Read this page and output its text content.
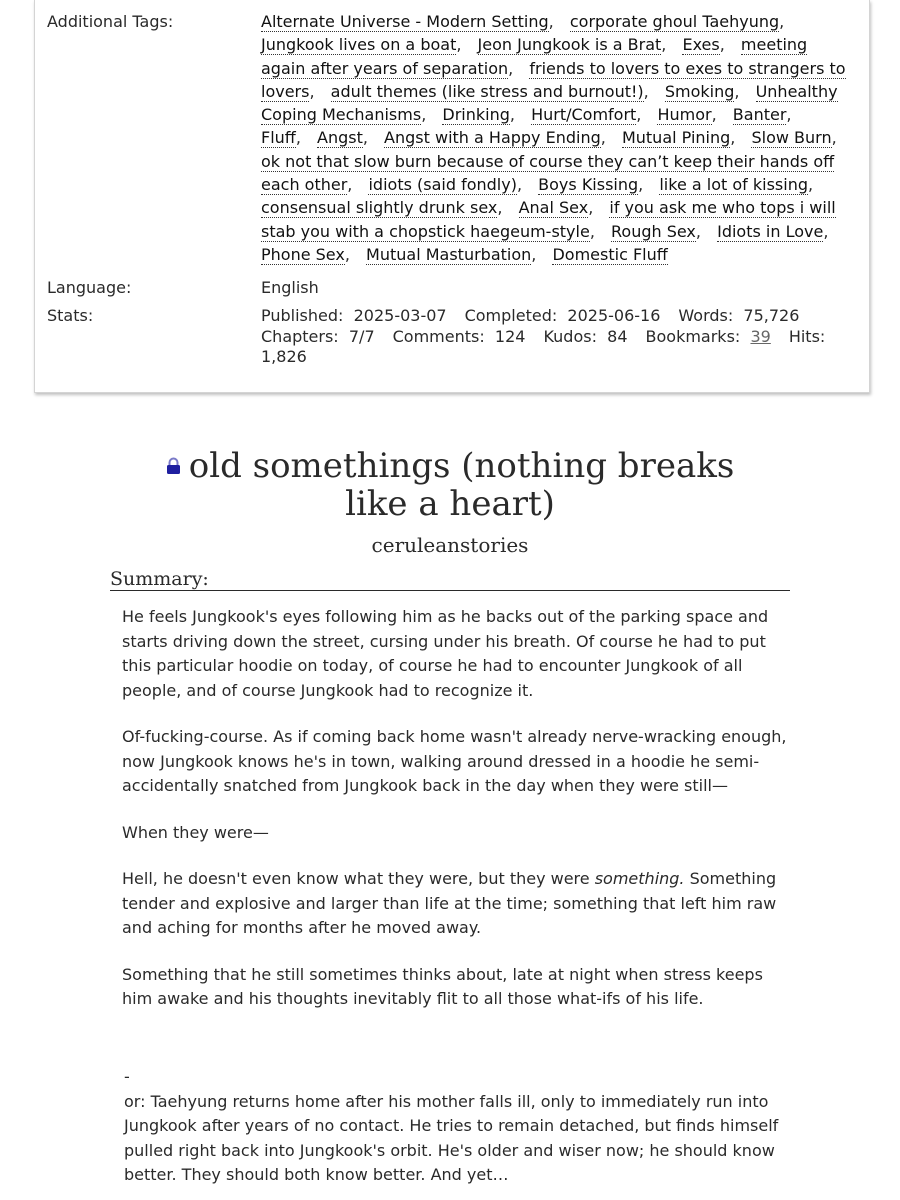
Additional Tags:	Alternate Universe - Modern Setting, corporate ghoul Taehyung, Jungkook lives on a boat, Jeon Jungkook is a Brat, Exes, meeting again after years of separation, friends to lovers to exes to strangers to lovers, adult themes (like stress and burnout!), Smoking, Unhealthy Coping Mechanisms, Drinking, Hurt/Comfort, Humor, Banter, Fluff, Angst, Angst with a Happy Ending, Mutual Pining, Slow Burn, ok not that slow burn because of course they can’t keep their hands off each other, idiots (said fondly), Boys Kissing, like a lot of kissing, consensual slightly drunk sex, Anal Sex, if you ask me who tops i will stab you with a chopstick haegeum-style, Rough Sex, Idiots in Love, Phone Sex, Mutual Masturbation, Domestic Fluff
Language:	English
Stats:	Published: 2025-03-07 Completed: 2025-06-16 Words: 75,726
Chapters: 7/7 Comments: 124 Kudos: 84 Bookmarks: 39 Hits:
1,826
old somethings (nothing breaks like a heart)
ceruleanstories
Summary:

He feels Jungkook's eyes following him as he backs out of the parking space and starts driving down the street, cursing under his breath. Of course he had to put this particular hoodie on today, of course he had to encounter Jungkook of all people, and of course Jungkook had to recognize it.

Of-fucking-course. As if coming back home wasn't already nerve-wracking enough, now Jungkook knows he's in town, walking around dressed in a hoodie he semi-accidentally snatched from Jungkook back in the day when they were still—

When they were—

Hell, he doesn't even know what they were, but they were something. Something tender and explosive and larger than life at the time; something that left him raw and aching for months after he moved away.

Something that he still sometimes thinks about, late at night when stress keeps him awake and his thoughts inevitably flit to all those what-ifs of his life.

-

or: Taehyung returns home after his mother falls ill, only to immediately run into Jungkook after years of no contact. He tries to remain detached, but finds himself pulled right back into Jungkook's orbit. He's older and wiser now; he should know better. They should both know better. And yet…
